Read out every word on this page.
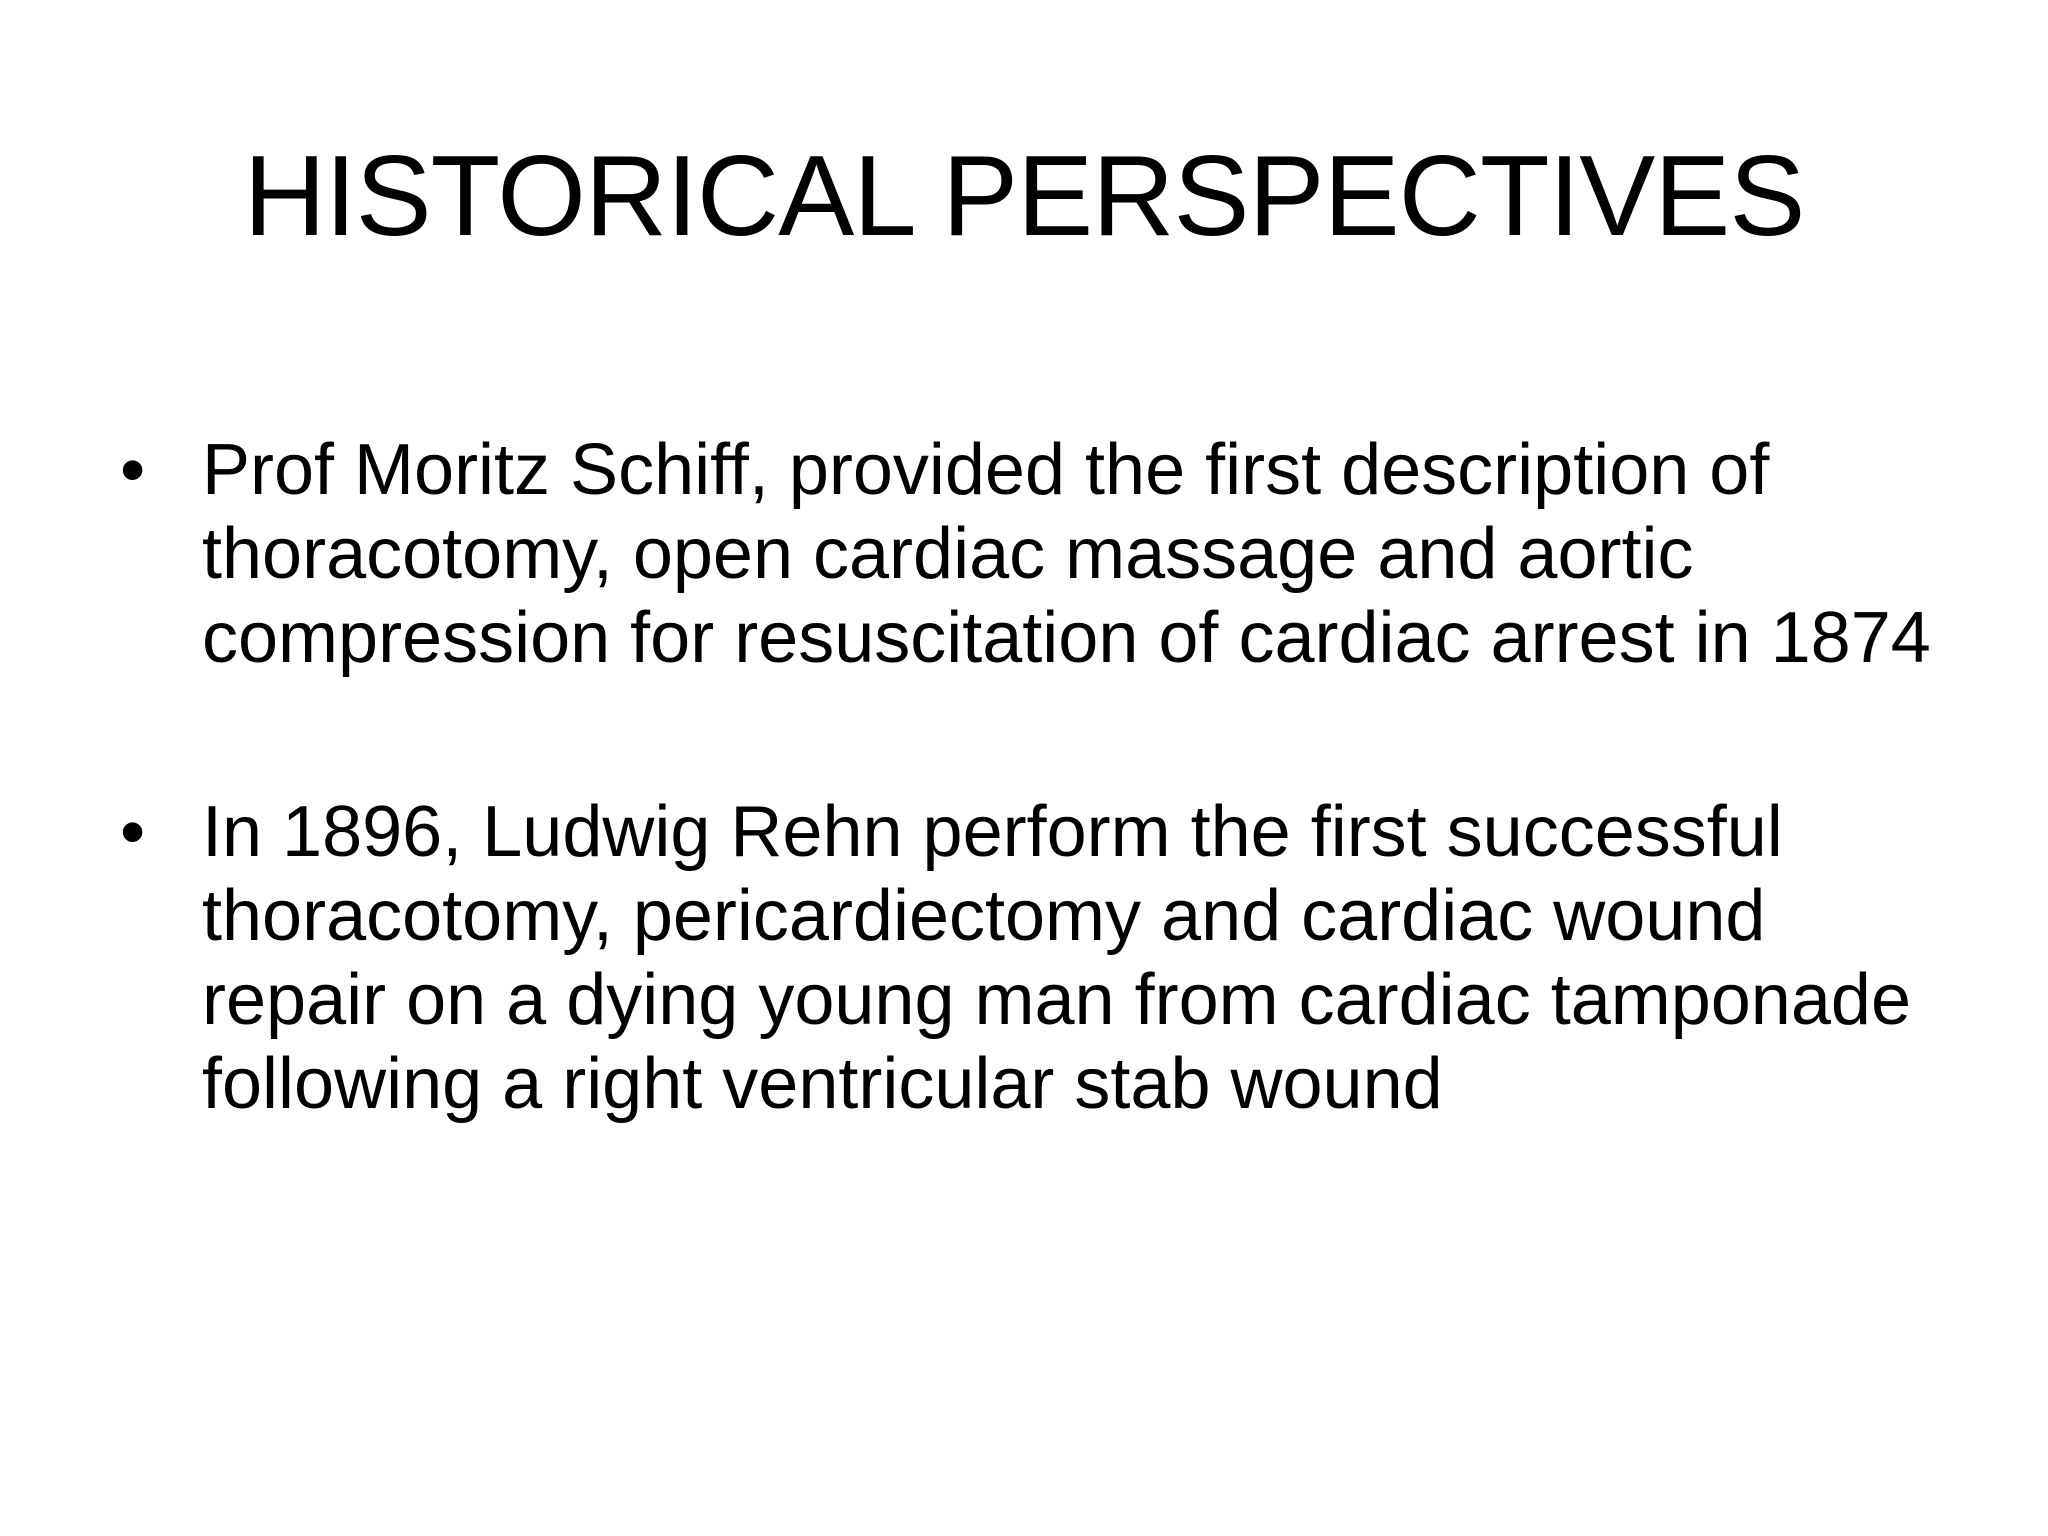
HISTORICAL PERSPECTIVES
• Prof Moritz Schiff, provided the first description of thoracotomy, open cardiac massage and aortic compression for resuscitation of cardiac arrest in 1874
• In 1896, Ludwig Rehn perform the first successful thoracotomy, pericardiectomy and cardiac wound repair on a dying young man from cardiac tamponade following a right ventricular stab wound
